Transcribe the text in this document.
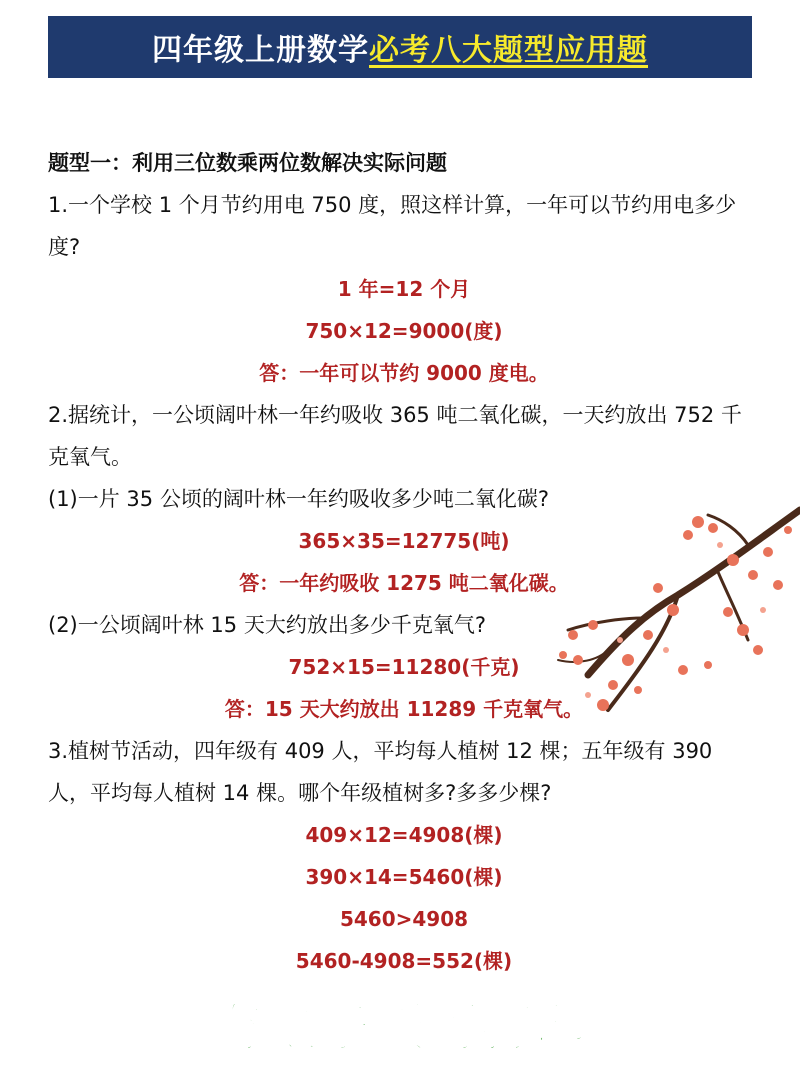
四年级上册数学 必考八大题型应用题
题型一：利用三位数乘两位数解决实际问题
1.一个学校 1 个月节约用电 750 度，照这样计算，一年可以节约用电多少度?
1 年=12 个月
750×12=9000(度)
答：一年可以节约 9000 度电。
2.据统计，一公顷阔叶林一年约吸收 365 吨二氧化碳，一天约放出 752 千克氧气。
(1)一片 35 公顷的阔叶林一年约吸收多少吨二氧化碳?
365×35=12775(吨)
答：一年约吸收 1275 吨二氧化碳。
(2)一公顷阔叶林 15 天大约放出多少千克氧气?
752×15=11280(千克)
答：15 天大约放出 11289 千克氧气。
3.植树节活动，四年级有 409 人，平均每人植树 12 棵；五年级有 390 人，平均每人植树 14 棵。哪个年级植树多?多多少棵?
409×12=4908(棵)
390×14=5460(棵)
5460>4908
5460-4908=552(棵)
有电子版可打印
